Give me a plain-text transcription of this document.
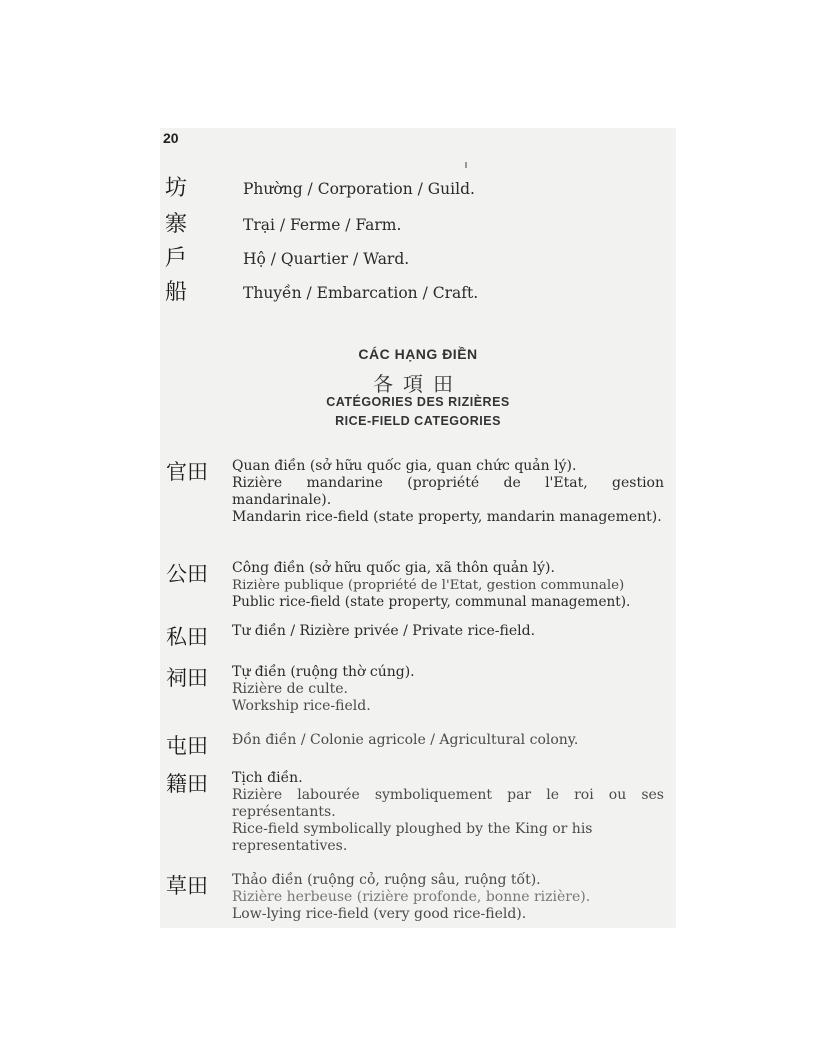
20

坊	Phường / Corporation / Guild.
寨	Trại / Ferme / Farm.
戶	Hộ / Quartier / Ward.
船	Thuyền / Embarcation / Craft.
CÁC HẠNG ĐIỀN
各項田
CATÉGORIES DES RIZIÈRES
RICE-FIELD CATEGORIES
官田 Quan điền (sở hữu quốc gia, quan chức quản lý).

Rizière mandarine (propriété de l'Etat, gestion mandarinale).

Mandarin rice-field (state property, mandarin management).

公田 Công điền (sở hữu quốc gia, xã thôn quản lý).

Rizière publique (propriété de l'Etat, gestion communale)

Public rice-field (state property, communal management).

私田 Tư điền / Rizière privée / Private rice-field.

祠田 Tự điền (ruộng thờ cúng).

Rizière de culte.

Workship rice-field.

屯田 Đồn điền / Colonie agricole / Agricultural colony.

籍田 Tịch điền.

Rizière labourée symboliquement par le roi ou ses représentants.

Rice-field symbolically ploughed by the King or his representatives.

草田 Thảo điền (ruộng cỏ, ruộng sâu, ruộng tốt).

Rizière herbeuse (rizière profonde, bonne rizière).

Low-lying rice-field (very good rice-field).
